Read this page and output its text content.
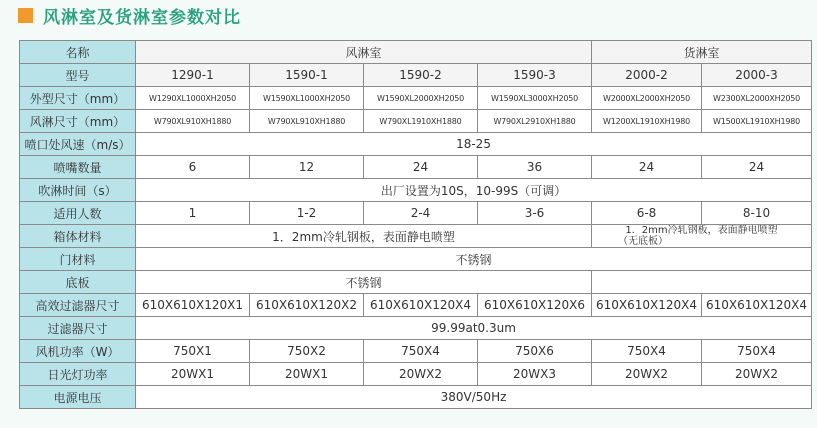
风淋室及货淋室参数对比
名称	风淋室				货淋室	
型号	1290-1	1590-1	1590-2	1590-3	2000-2	2000-3
外型尺寸（mm）	W1290XL1000XH2050	W1590XL1000XH2050	W1590XL2000XH2050	W1590XL3000XH2050	W2000XL2000XH2050	W2300XL2000XH2050
风淋尺寸（mm）	W790XL910XH1880	W790XL910XH1880	W790XL1910XH1880	W790XL2910XH1880	W1200XL1910XH1980	W1500XL1910XH1980
喷口处风速（m/s）	18-25					
喷嘴数量	6	12	24	36	24	24
吹淋时间（s）	出厂设置为10S，10-99S（可调）					
适用人数	1	1-2	2-4	3-6	6-8	8-10
箱体材料	1．2mm冷轧钢板，表面静电喷塑				1．2mm冷轧钢板，表面静电喷塑
（无底板）	

门材料	不锈钢					
底板	不锈钢					
高效过滤器尺寸	610X610X120X1	610X610X120X2	610X610X120X4	610X610X120X6	610X610X120X4	610X610X120X4
过滤器尺寸	99.99at0.3um					
风机功率（W）	750X1	750X2	750X4	750X6	750X4	750X4
日光灯功率	20WX1	20WX1	20WX2	20WX3	20WX2	20WX2
电源电压	380V/50Hz					
